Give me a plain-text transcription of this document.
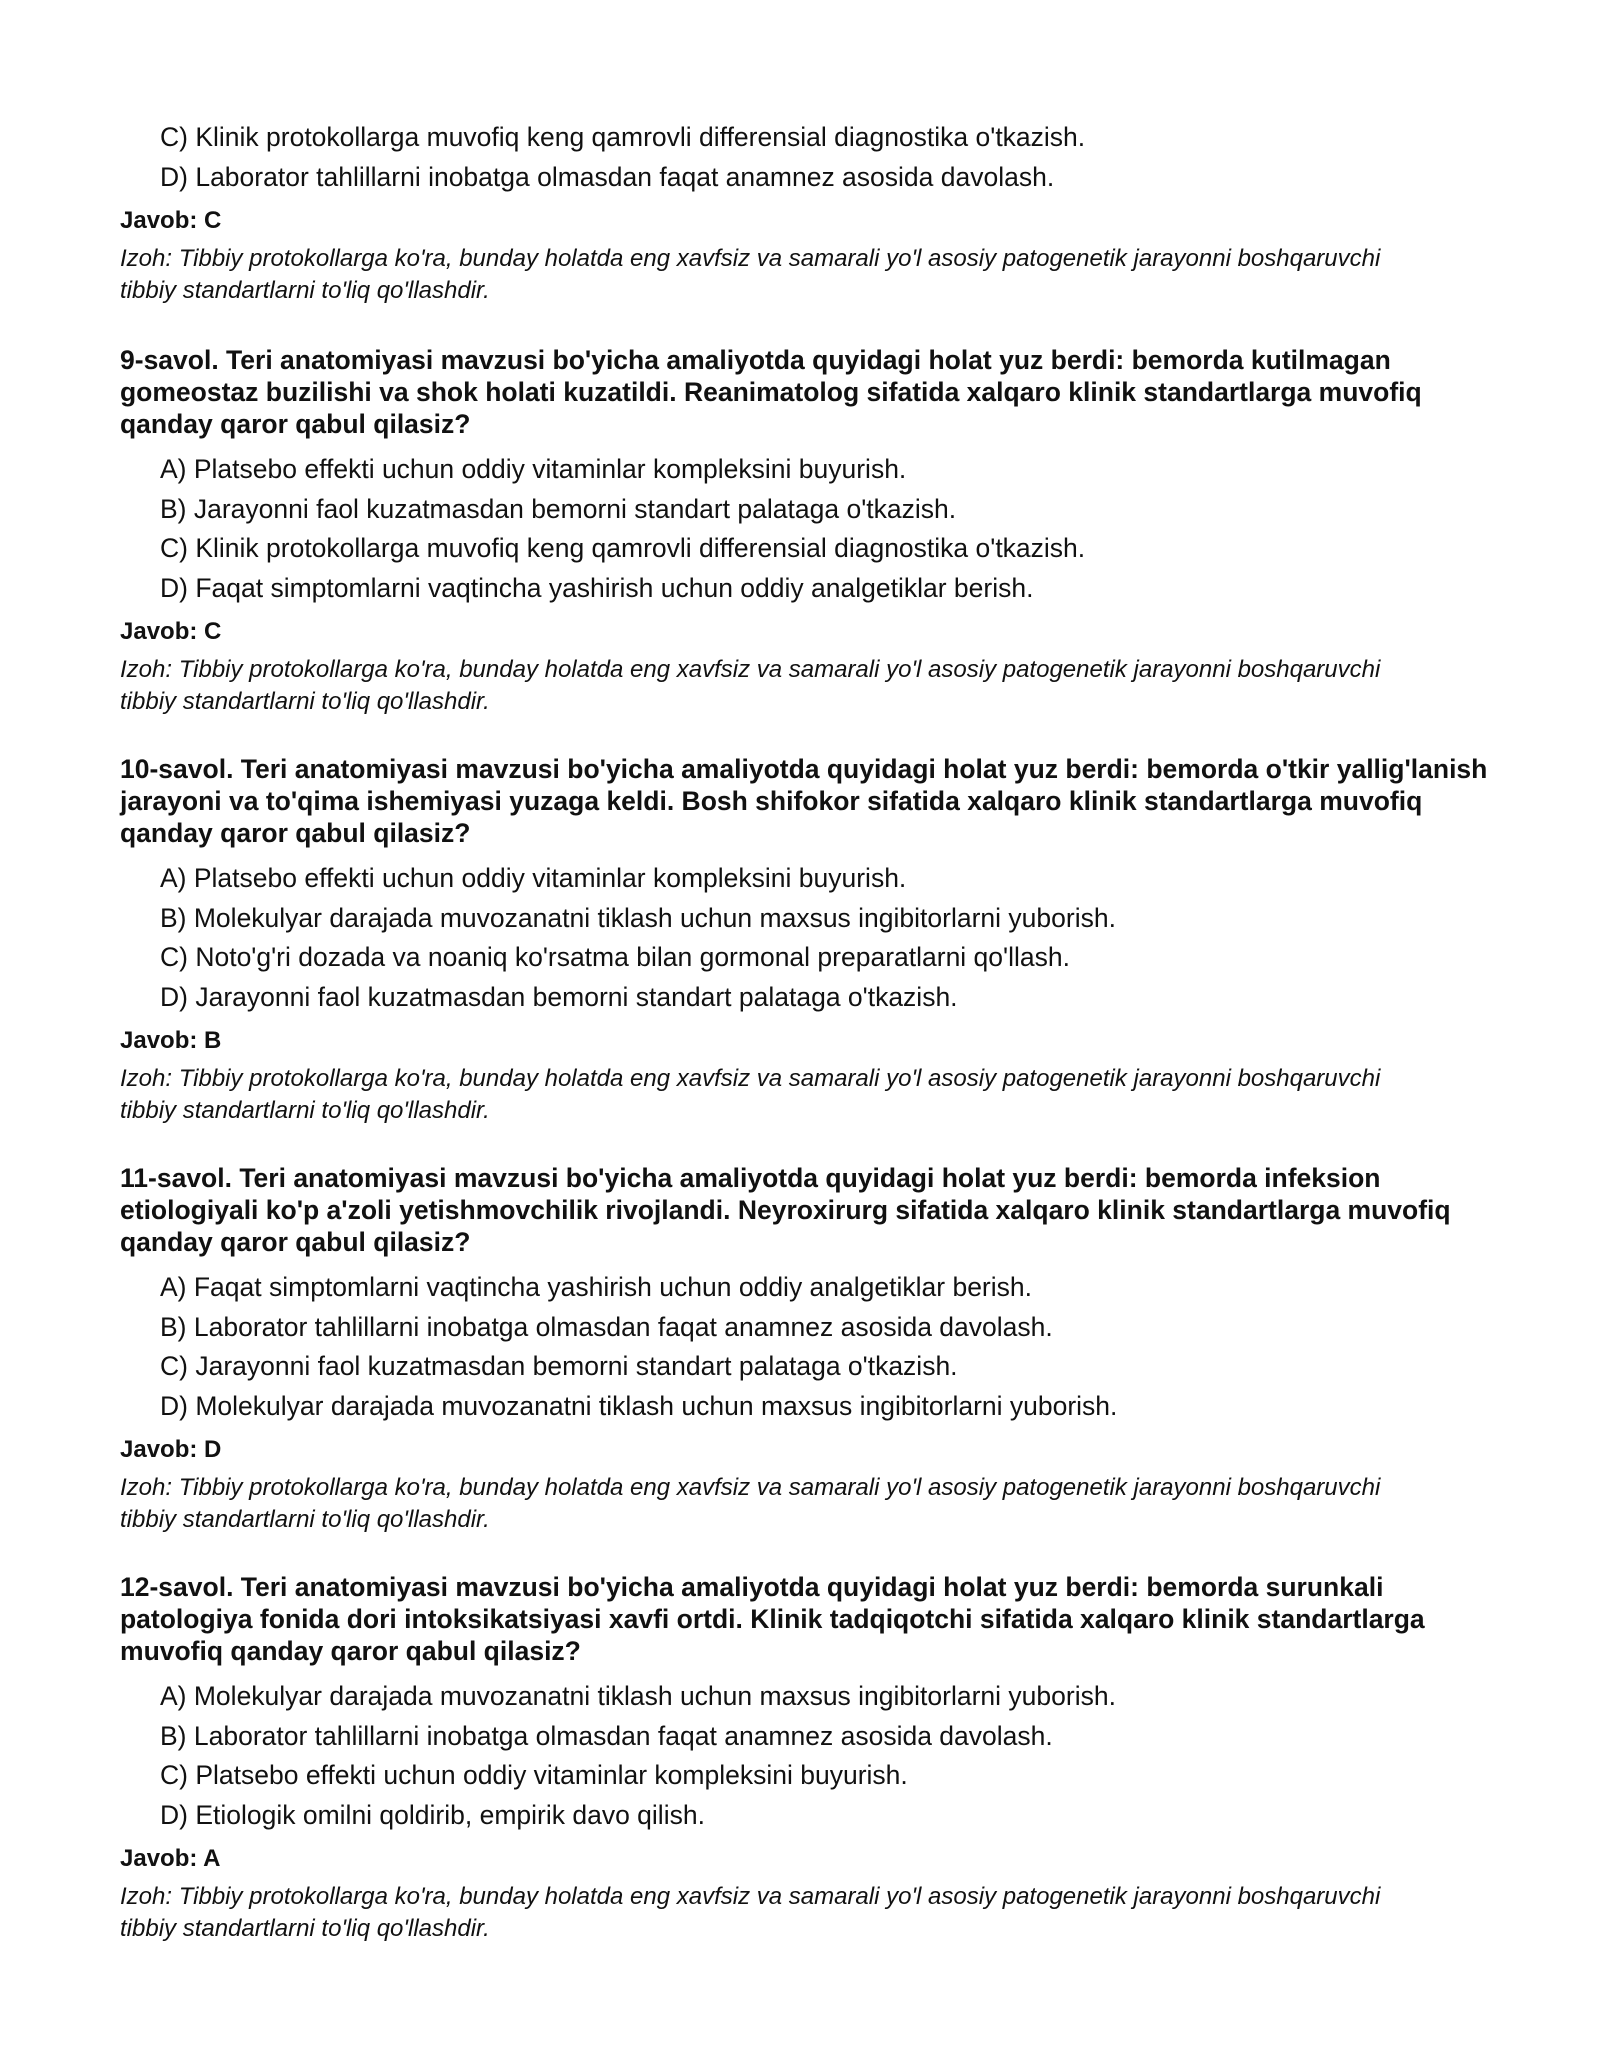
C) Klinik protokollarga muvofiq keng qamrovli differensial diagnostika o'tkazish.
D) Laborator tahlillarni inobatga olmasdan faqat anamnez asosida davolash.
Javob: C
Izoh: Tibbiy protokollarga ko'ra, bunday holatda eng xavfsiz va samarali yo'l asosiy patogenetik jarayonni boshqaruvchi tibbiy standartlarni to'liq qo'llashdir.
9-savol. Teri anatomiyasi mavzusi bo'yicha amaliyotda quyidagi holat yuz berdi: bemorda kutilmagan gomeostaz buzilishi va shok holati kuzatildi. Reanimatolog sifatida xalqaro klinik standartlarga muvofiq qanday qaror qabul qilasiz?
A) Platsebo effekti uchun oddiy vitaminlar kompleksini buyurish.
B) Jarayonni faol kuzatmasdan bemorni standart palataga o'tkazish.
C) Klinik protokollarga muvofiq keng qamrovli differensial diagnostika o'tkazish.
D) Faqat simptomlarni vaqtincha yashirish uchun oddiy analgetiklar berish.
Javob: C
Izoh: Tibbiy protokollarga ko'ra, bunday holatda eng xavfsiz va samarali yo'l asosiy patogenetik jarayonni boshqaruvchi tibbiy standartlarni to'liq qo'llashdir.
10-savol. Teri anatomiyasi mavzusi bo'yicha amaliyotda quyidagi holat yuz berdi: bemorda o'tkir yallig'lanish jarayoni va to'qima ishemiyasi yuzaga keldi. Bosh shifokor sifatida xalqaro klinik standartlarga muvofiq qanday qaror qabul qilasiz?
A) Platsebo effekti uchun oddiy vitaminlar kompleksini buyurish.
B) Molekulyar darajada muvozanatni tiklash uchun maxsus ingibitorlarni yuborish.
C) Noto'g'ri dozada va noaniq ko'rsatma bilan gormonal preparatlarni qo'llash.
D) Jarayonni faol kuzatmasdan bemorni standart palataga o'tkazish.
Javob: B
Izoh: Tibbiy protokollarga ko'ra, bunday holatda eng xavfsiz va samarali yo'l asosiy patogenetik jarayonni boshqaruvchi tibbiy standartlarni to'liq qo'llashdir.
11-savol. Teri anatomiyasi mavzusi bo'yicha amaliyotda quyidagi holat yuz berdi: bemorda infeksion etiologiyali ko'p a'zoli yetishmovchilik rivojlandi. Neyroxirurg sifatida xalqaro klinik standartlarga muvofiq qanday qaror qabul qilasiz?
A) Faqat simptomlarni vaqtincha yashirish uchun oddiy analgetiklar berish.
B) Laborator tahlillarni inobatga olmasdan faqat anamnez asosida davolash.
C) Jarayonni faol kuzatmasdan bemorni standart palataga o'tkazish.
D) Molekulyar darajada muvozanatni tiklash uchun maxsus ingibitorlarni yuborish.
Javob: D
Izoh: Tibbiy protokollarga ko'ra, bunday holatda eng xavfsiz va samarali yo'l asosiy patogenetik jarayonni boshqaruvchi tibbiy standartlarni to'liq qo'llashdir.
12-savol. Teri anatomiyasi mavzusi bo'yicha amaliyotda quyidagi holat yuz berdi: bemorda surunkali patologiya fonida dori intoksikatsiyasi xavfi ortdi. Klinik tadqiqotchi sifatida xalqaro klinik standartlarga muvofiq qanday qaror qabul qilasiz?
A) Molekulyar darajada muvozanatni tiklash uchun maxsus ingibitorlarni yuborish.
B) Laborator tahlillarni inobatga olmasdan faqat anamnez asosida davolash.
C) Platsebo effekti uchun oddiy vitaminlar kompleksini buyurish.
D) Etiologik omilni qoldirib, empirik davo qilish.
Javob: A
Izoh: Tibbiy protokollarga ko'ra, bunday holatda eng xavfsiz va samarali yo'l asosiy patogenetik jarayonni boshqaruvchi tibbiy standartlarni to'liq qo'llashdir.
